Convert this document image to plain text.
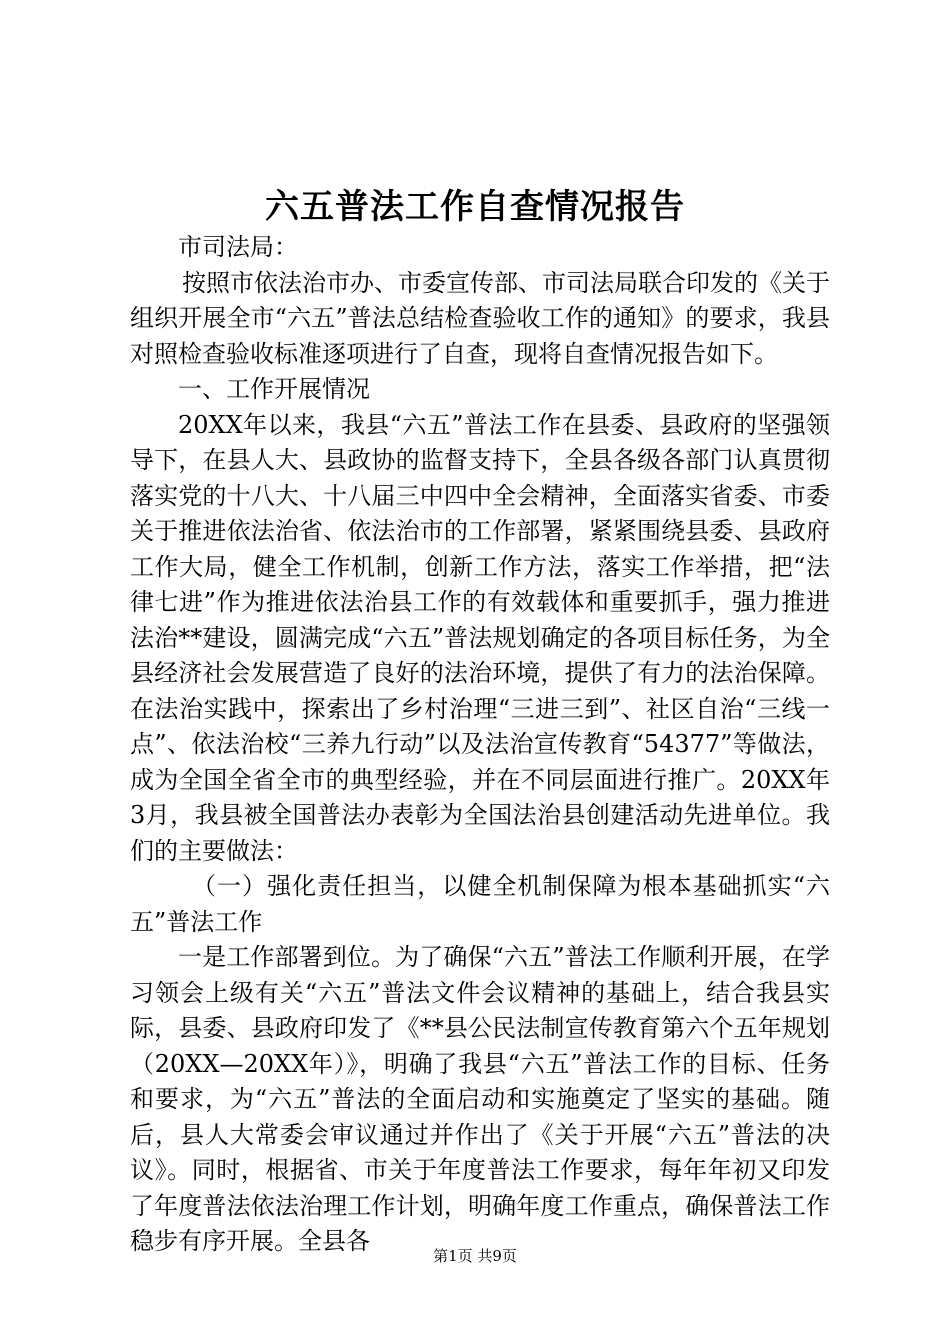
六五普法工作自查情况报告

市司法局：

按照市依法治市办、市委宣传部、市司法局联合印发的《关于组织开展全市“六五”普法总结检查验收工作的通知》的要求，我县对照检查验收标准逐项进行了自查，现将自查情况报告如下。

一、工作开展情况

20XX年以来，我县“六五”普法工作在县委、县政府的坚强领导下，在县人大、县政协的监督支持下，全县各级各部门认真贯彻落实党的十八大、十八届三中四中全会精神，全面落实省委、市委关于推进依法治省、依法治市的工作部署，紧紧围绕县委、县政府工作大局，健全工作机制，创新工作方法，落实工作举措，把“法律七进”作为推进依法治县工作的有效载体和重要抓手，强力推进法治**建设，圆满完成“六五”普法规划确定的各项目标任务，为全县经济社会发展营造了良好的法治环境，提供了有力的法治保障。在法治实践中，探索出了乡村治理“三进三到”、社区自治“三线一点”、依法治校“三养九行动”以及法治宣传教育“54377”等做法，成为全国全省全市的典型经验，并在不同层面进行推广。20XX年3月，我县被全国普法办表彰为全国法治县创建活动先进单位。我们的主要做法：

（一）强化责任担当，以健全机制保障为根本基础抓实“六五”普法工作

一是工作部署到位。为了确保“六五”普法工作顺利开展，在学习领会上级有关“六五”普法文件会议精神的基础上，结合我县实际，县委、县政府印发了《**县公民法制宣传教育第六个五年规划（20XX—20XX年）》，明确了我县“六五”普法工作的目标、任务和要求，为“六五”普法的全面启动和实施奠定了坚实的基础。随后，县人大常委会审议通过并作出了《关于开展“六五”普法的决议》。同时，根据省、市关于年度普法工作要求，每年年初又印发了年度普法依法治理工作计划，明确年度工作重点，确保普法工作稳步有序开展。全县各

第1页 共9页
